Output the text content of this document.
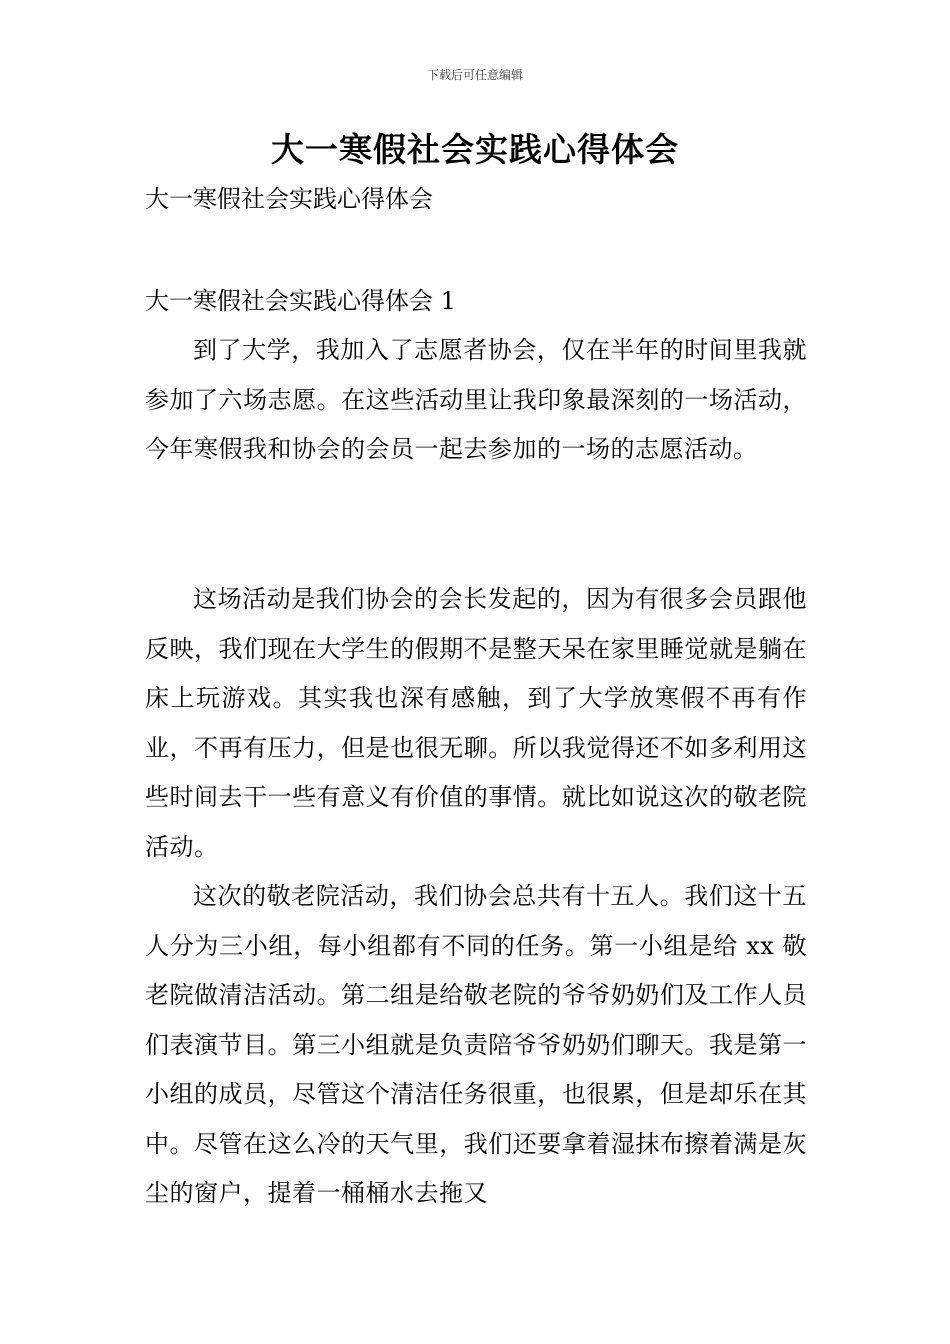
下载后可任意编辑
大一寒假社会实践心得体会
大一寒假社会实践心得体会
大一寒假社会实践心得体会 1

到了大学，我加入了志愿者协会，仅在半年的时间里我就参加了六场志愿。在这些活动里让我印象最深刻的一场活动，今年寒假我和协会的会员一起去参加的一场的志愿活动。

这场活动是我们协会的会长发起的，因为有很多会员跟他反映，我们现在大学生的假期不是整天呆在家里睡觉就是躺在床上玩游戏。其实我也深有感触，到了大学放寒假不再有作业，不再有压力，但是也很无聊。所以我觉得还不如多利用这些时间去干一些有意义有价值的事情。就比如说这次的敬老院活动。

这次的敬老院活动，我们协会总共有十五人。我们这十五人分为三小组，每小组都有不同的任务。第一小组是给 xx 敬老院做清洁活动。第二组是给敬老院的爷爷奶奶们及工作人员们表演节目。第三小组就是负责陪爷爷奶奶们聊天。我是第一小组的成员，尽管这个清洁任务很重，也很累，但是却乐在其中。尽管在这么冷的天气里，我们还要拿着湿抹布擦着满是灰尘的窗户，提着一桶桶水去拖又
